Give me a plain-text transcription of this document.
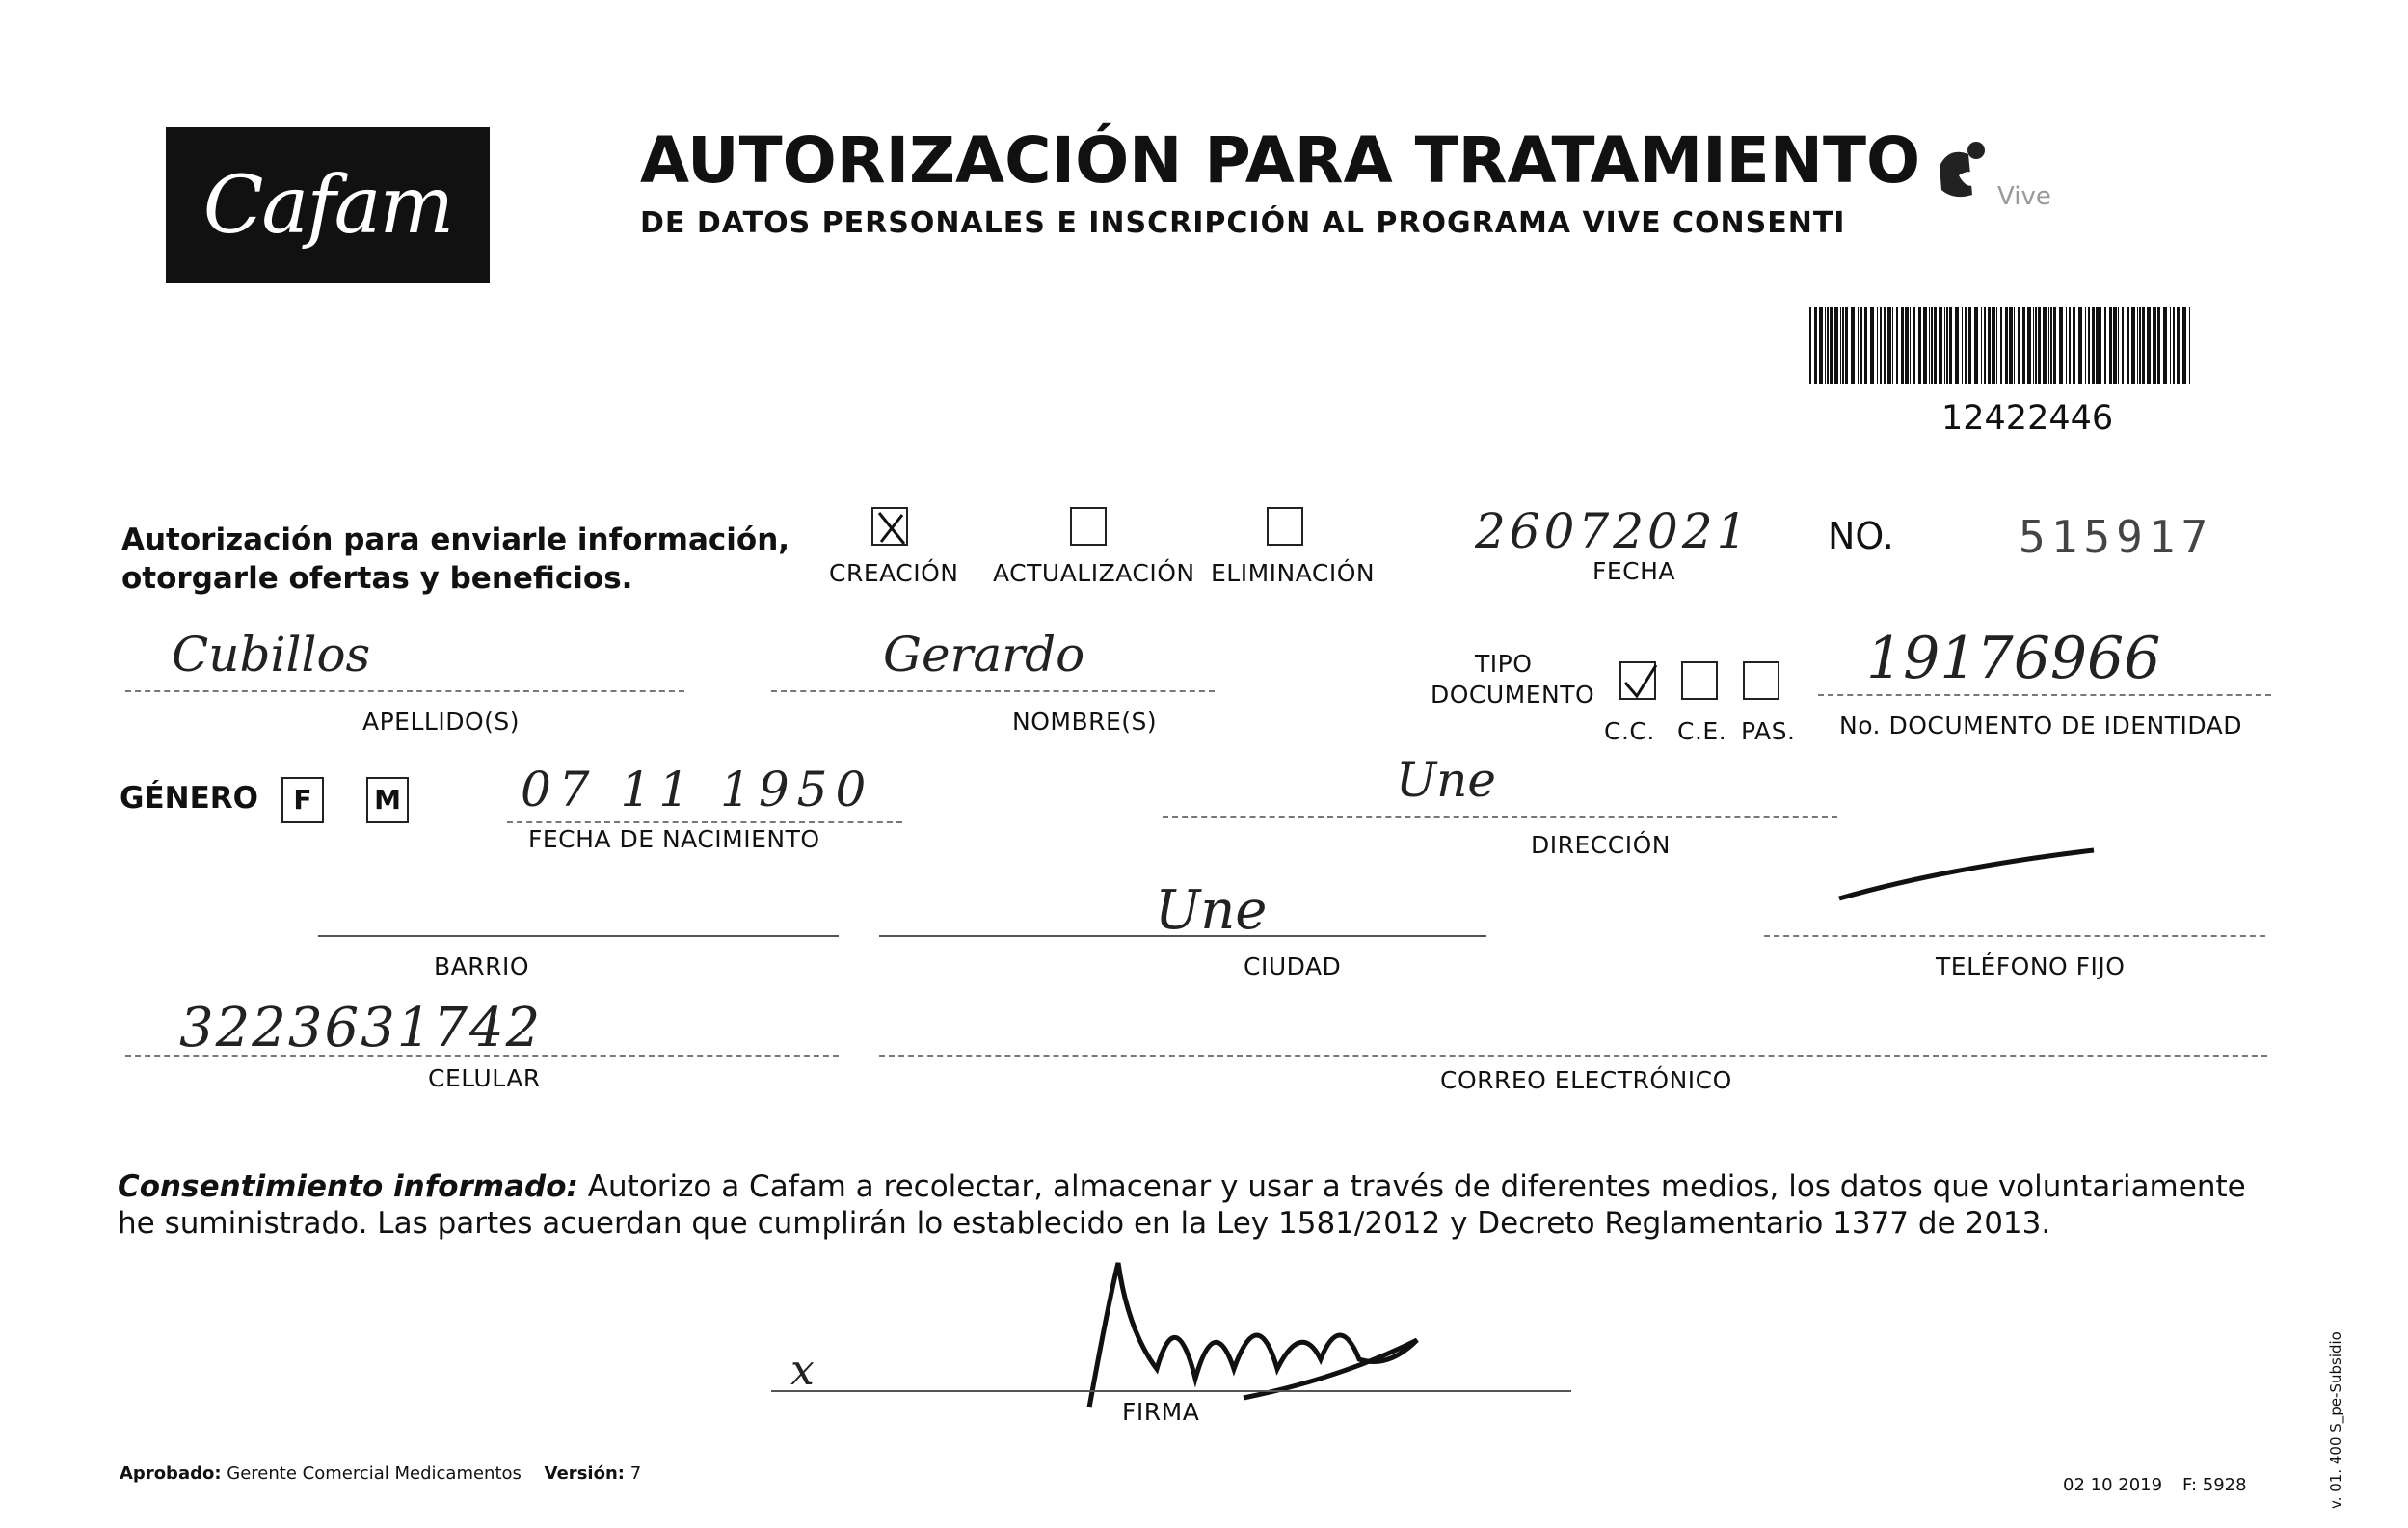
Cafam	AUTORIZACIÓN PARA TRATAMIENTO
DE DATOS PERSONALES E INSCRIPCIÓN AL PROGRAMA VIVE CONSENTI
Vive
12422446
Autorización para enviarle información,
otorgarle ofertas y beneficios.	CREACIÓN ACTUALIZACIÓN ELIMINACIÓN
26072021
FECHA
NO.	515917
Cubillos
APELLIDO(S)
Gerardo
NOMBRE(S)
TIPO
DOCUMENTO
C.C. C.E. PAS.
19176966
No. DOCUMENTO DE IDENTIDAD
GÉNERO	F	M 07 11 1950
FECHA DE NACIMIENTO
Une
DIRECCIÓN
BARRIO
Une
CIUDAD	TELÉFONO FIJO
3223631742
CELULAR	CORREO ELECTRÓNICO
Consentimiento informado: Autorizo a Cafam a recolectar, almacenar y usar a través de diferentes medios, los datos que voluntariamente he suministrado. Las partes acuerdan que cumplirán lo establecido en la Ley 1581/2012 y Decreto Reglamentario 1377 de 2013.
x
FIRMA
Aprobado: Gerente Comercial Medicamentos Versión: 7
02 10 2019 F: 5928	v. 01. 400 S_pe-Subsidio
